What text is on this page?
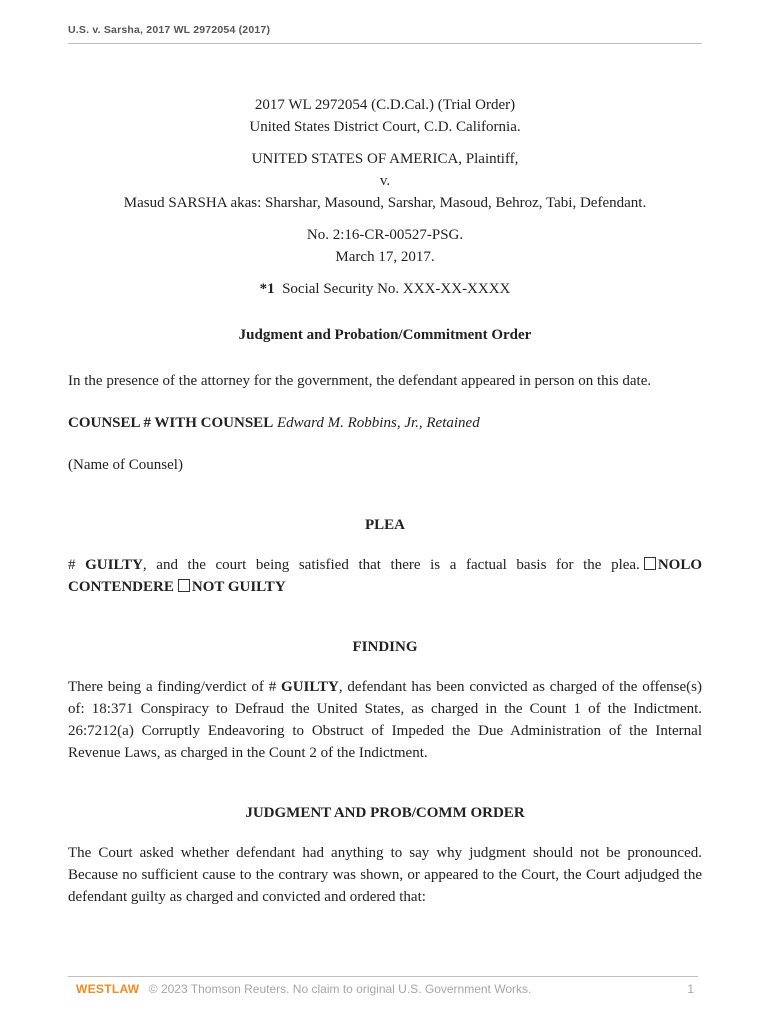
U.S. v. Sarsha, 2017 WL 2972054 (2017)
2017 WL 2972054 (C.D.Cal.) (Trial Order)
United States District Court, C.D. California.
UNITED STATES OF AMERICA, Plaintiff,
v.
Masud SARSHA akas: Sharshar, Masound, Sarshar, Masoud, Behroz, Tabi, Defendant.
No. 2:16-CR-00527-PSG.
March 17, 2017.
*1 Social Security No. XXX-XX-XXXX
Judgment and Probation/Commitment Order
In the presence of the attorney for the government, the defendant appeared in person on this date.
COUNSEL # WITH COUNSEL Edward M. Robbins, Jr., Retained
(Name of Counsel)
PLEA
# GUILTY, and the court being satisfied that there is a factual basis for the plea. NOLO CONTENDERE NOT GUILTY
FINDING
There being a finding/verdict of # GUILTY, defendant has been convicted as charged of the offense(s) of: 18:371 Conspiracy to Defraud the United States, as charged in the Count 1 of the Indictment. 26:7212(a) Corruptly Endeavoring to Obstruct of Impeded the Due Administration of the Internal Revenue Laws, as charged in the Count 2 of the Indictment.
JUDGMENT AND PROB/COMM ORDER
The Court asked whether defendant had anything to say why judgment should not be pronounced. Because no sufficient cause to the contrary was shown, or appeared to the Court, the Court adjudged the defendant guilty as charged and convicted and ordered that:
WESTLAW © 2023 Thomson Reuters. No claim to original U.S. Government Works.	1
